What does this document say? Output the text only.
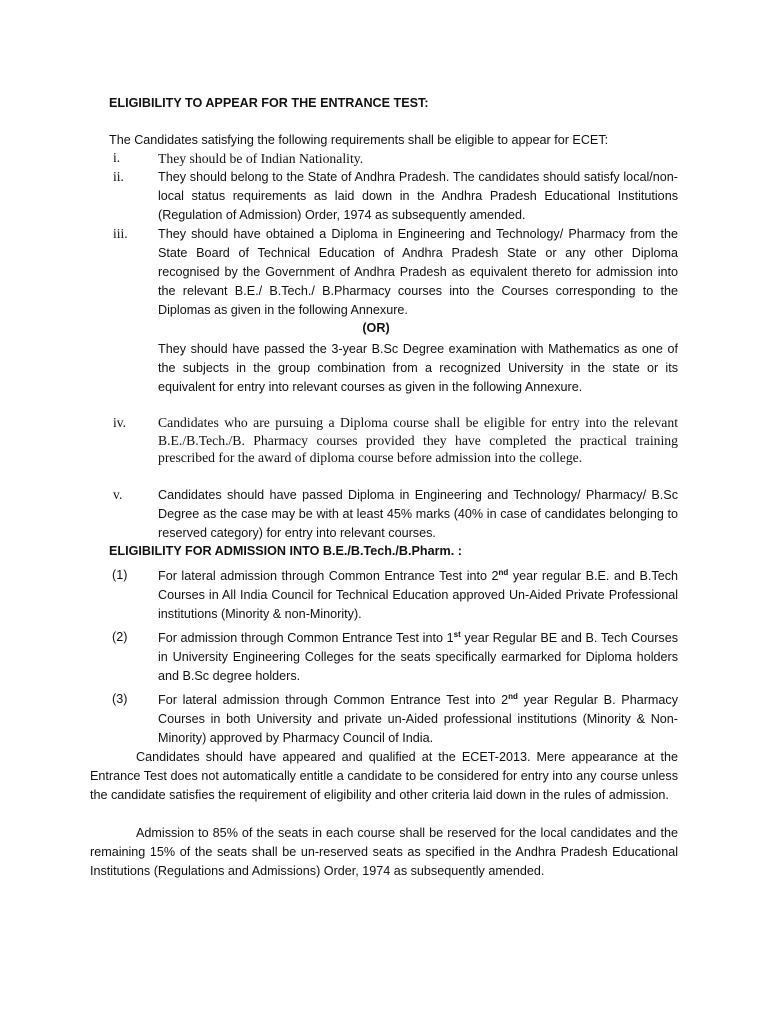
ELIGIBILITY TO APPEAR FOR THE ENTRANCE TEST:
The Candidates satisfying the following requirements shall be eligible to appear for ECET:
i.	They should be of Indian Nationality.
ii.	They should belong to the State of Andhra Pradesh. The candidates should satisfy local/non-local status requirements as laid down in the Andhra Pradesh Educational Institutions (Regulation of Admission) Order, 1974 as subsequently amended.
iii. They should have obtained a Diploma in Engineering and Technology/ Pharmacy from the State Board of Technical Education of Andhra Pradesh State or any other Diploma recognised by the Government of Andhra Pradesh as equivalent thereto for admission into the relevant B.E./ B.Tech./ B.Pharmacy courses into the Courses corresponding to the Diplomas as given in the following Annexure.
(OR)
They should have passed the 3-year B.Sc Degree examination with Mathematics as one of the subjects in the group combination from a recognized University in the state or its equivalent for entry into relevant courses as given in the following Annexure.
iv. Candidates who are pursuing a Diploma course shall be eligible for entry into the relevant B.E./B.Tech./B. Pharmacy courses provided they have completed the practical training prescribed for the award of diploma course before admission into the college.
v.	Candidates should have passed Diploma in Engineering and Technology/ Pharmacy/ B.Sc Degree as the case may be with at least 45% marks (40% in case of candidates belonging to reserved category) for entry into relevant courses.
ELIGIBILITY FOR ADMISSION INTO B.E./B.Tech./B.Pharm. :
(1) For lateral admission through Common Entrance Test into 2nd year regular B.E. and B.Tech Courses in All India Council for Technical Education approved Un-Aided Private Professional institutions (Minority & non-Minority).
(2) For admission through Common Entrance Test into 1st year Regular BE and B. Tech Courses in University Engineering Colleges for the seats specifically earmarked for Diploma holders and B.Sc degree holders.
(3) For lateral admission through Common Entrance Test into 2nd year Regular B. Pharmacy Courses in both University and private un-Aided professional institutions (Minority & Non-Minority) approved by Pharmacy Council of India.
Candidates should have appeared and qualified at the ECET-2013. Mere appearance at the Entrance Test does not automatically entitle a candidate to be considered for entry into any course unless the candidate satisfies the requirement of eligibility and other criteria laid down in the rules of admission.
Admission to 85% of the seats in each course shall be reserved for the local candidates and the remaining 15% of the seats shall be un-reserved seats as specified in the Andhra Pradesh Educational Institutions (Regulations and Admissions) Order, 1974 as subsequently amended.
